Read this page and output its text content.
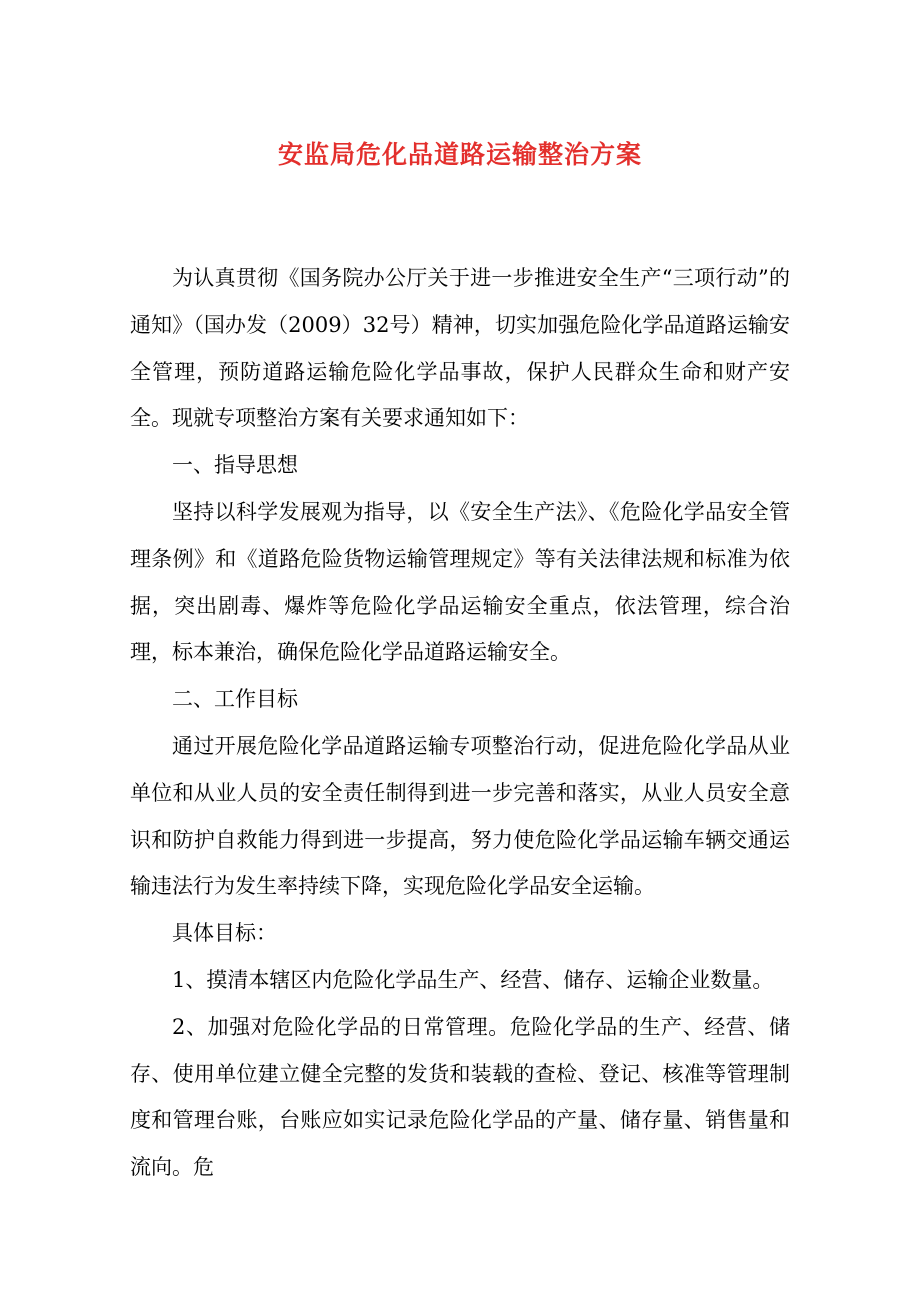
安监局危化品道路运输整治方案

为认真贯彻《国务院办公厅关于进一步推进安全生产“三项行动”的通知》（国办发（2009）32号）精神，切实加强危险化学品道路运输安全管理，预防道路运输危险化学品事故，保护人民群众生命和财产安全。现就专项整治方案有关要求通知如下：

一、指导思想

坚持以科学发展观为指导，以《安全生产法》、《危险化学品安全管理条例》和《道路危险货物运输管理规定》等有关法律法规和标准为依据，突出剧毒、爆炸等危险化学品运输安全重点，依法管理，综合治理，标本兼治，确保危险化学品道路运输安全。

二、工作目标

通过开展危险化学品道路运输专项整治行动，促进危险化学品从业单位和从业人员的安全责任制得到进一步完善和落实，从业人员安全意识和防护自救能力得到进一步提高，努力使危险化学品运输车辆交通运输违法行为发生率持续下降，实现危险化学品安全运输。

具体目标：

1、摸清本辖区内危险化学品生产、经营、储存、运输企业数量。

2、加强对危险化学品的日常管理。危险化学品的生产、经营、储存、使用单位建立健全完整的发货和装载的查检、登记、核准等管理制度和管理台账，台账应如实记录危险化学品的产量、储存量、销售量和流向。危
